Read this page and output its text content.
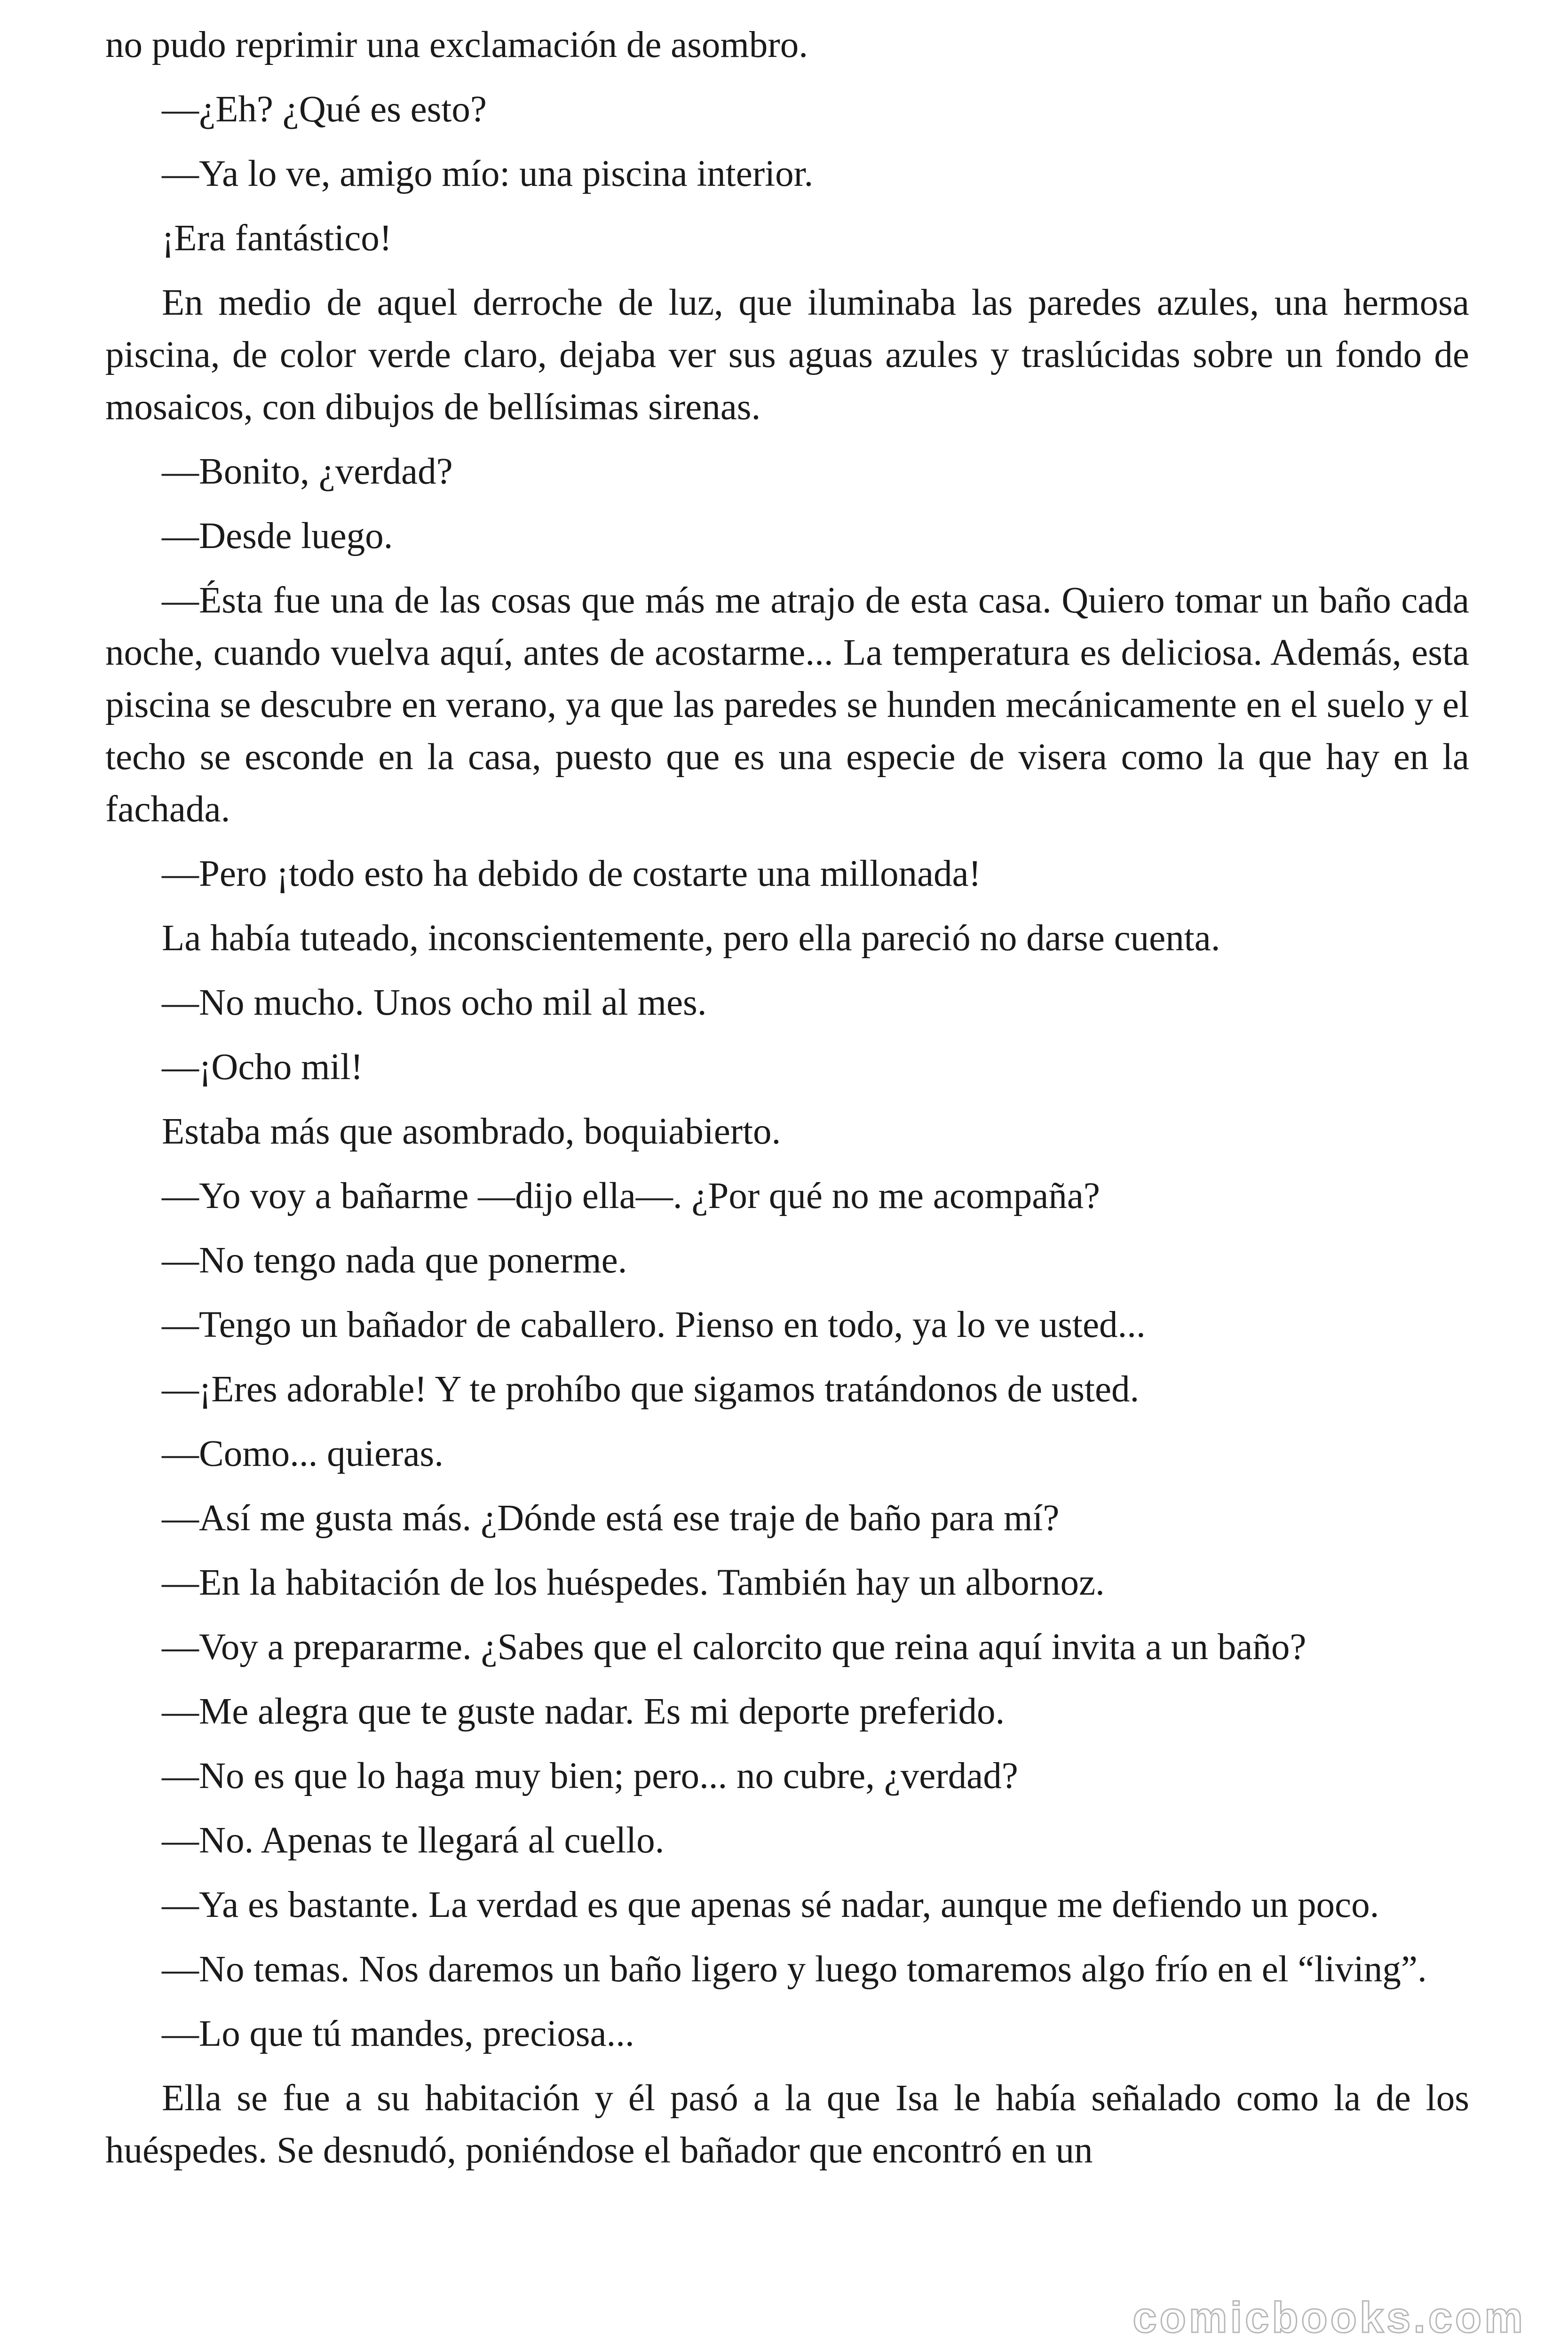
no pudo reprimir una exclamación de asombro.

—¿Eh? ¿Qué es esto?

—Ya lo ve, amigo mío: una piscina interior.

¡Era fantástico!

En medio de aquel derroche de luz, que iluminaba las paredes azules, una hermosa piscina, de color verde claro, dejaba ver sus aguas azules y traslúcidas sobre un fondo de mosaicos, con dibujos de bellísimas sirenas.

—Bonito, ¿verdad?

—Desde luego.

—Ésta fue una de las cosas que más me atrajo de esta casa. Quiero tomar un baño cada noche, cuando vuelva aquí, antes de acostarme... La temperatura es deliciosa. Además, esta piscina se descubre en verano, ya que las paredes se hunden mecánicamente en el suelo y el techo se esconde en la casa, puesto que es una especie de visera como la que hay en la fachada.

—Pero ¡todo esto ha debido de costarte una millonada!

La había tuteado, inconscientemente, pero ella pareció no darse cuenta.

—No mucho. Unos ocho mil al mes.

—¡Ocho mil!

Estaba más que asombrado, boquiabierto.

—Yo voy a bañarme —dijo ella—. ¿Por qué no me acompaña?

—No tengo nada que ponerme.

—Tengo un bañador de caballero. Pienso en todo, ya lo ve usted...

—¡Eres adorable! Y te prohíbo que sigamos tratándonos de usted.

—Como... quieras.

—Así me gusta más. ¿Dónde está ese traje de baño para mí?

—En la habitación de los huéspedes. También hay un albornoz.

—Voy a prepararme. ¿Sabes que el calorcito que reina aquí invita a un baño?

—Me alegra que te guste nadar. Es mi deporte preferido.

—No es que lo haga muy bien; pero... no cubre, ¿verdad?

—No. Apenas te llegará al cuello.

—Ya es bastante. La verdad es que apenas sé nadar, aunque me defiendo un poco.

—No temas. Nos daremos un baño ligero y luego tomaremos algo frío en el “living”.

—Lo que tú mandes, preciosa...

Ella se fue a su habitación y él pasó a la que Isa le había señalado como la de los huéspedes. Se desnudó, poniéndose el bañador que encontró en un

comicbooks.com
